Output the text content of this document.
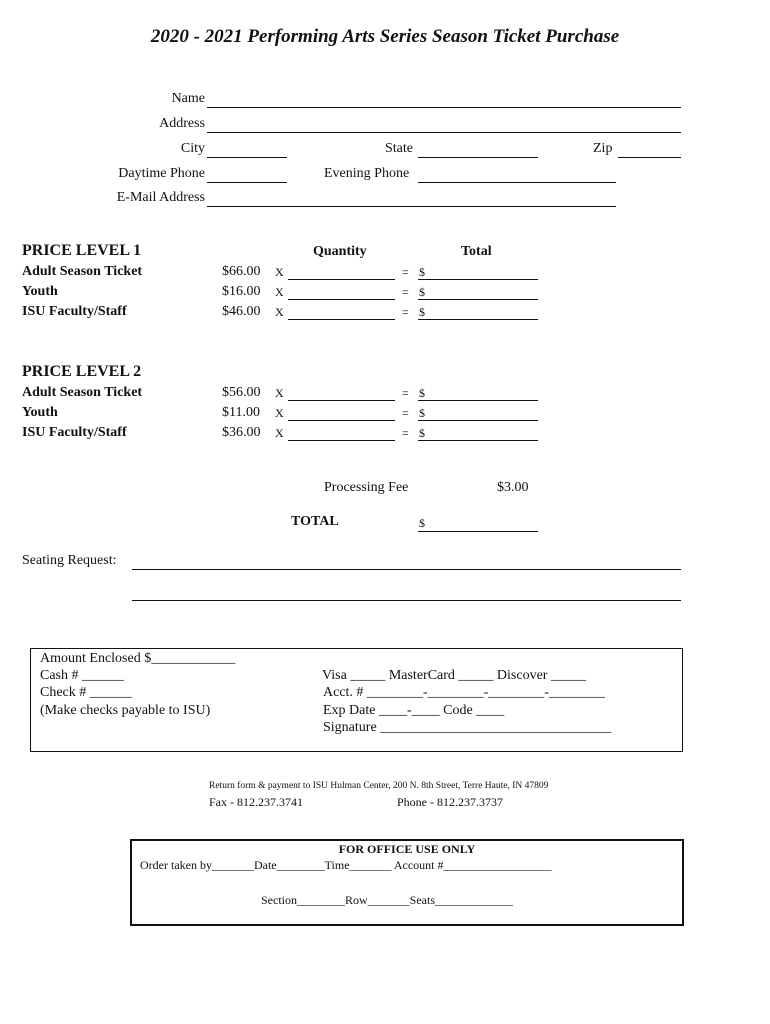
2020 - 2021 Performing Arts Series Season Ticket Purchase
Name
Address
City	State	Zip
Daytime Phone	Evening Phone
E-Mail Address
PRICE LEVEL 1	Quantity	Total
Adult Season Ticket	$66.00 X	= $
Youth	$16.00 X	= $
ISU Faculty/Staff	$46.00 X	= $
PRICE LEVEL 2
Adult Season Ticket	$56.00 X	= $
Youth	$11.00 X	= $
ISU Faculty/Staff	$36.00 X	= $
Processing Fee	$3.00
TOTAL	$
Seating Request:
Amount Enclosed $____________
Cash # ______
Check # ______
(Make checks payable to ISU)
Visa _____ MasterCard _____ Discover _____
Acct. # ________-________-________-________
Exp Date ____-____ Code ____
Signature _________________________________
Return form & payment to ISU Hulman Center, 200 N. 8th Street, Terre Haute, IN 47809
Fax - 812.237.3741	Phone - 812.237.3737
FOR OFFICE USE ONLY
Order taken by_______Date________Time_______ Account #__________________
Section________Row_______Seats_____________
